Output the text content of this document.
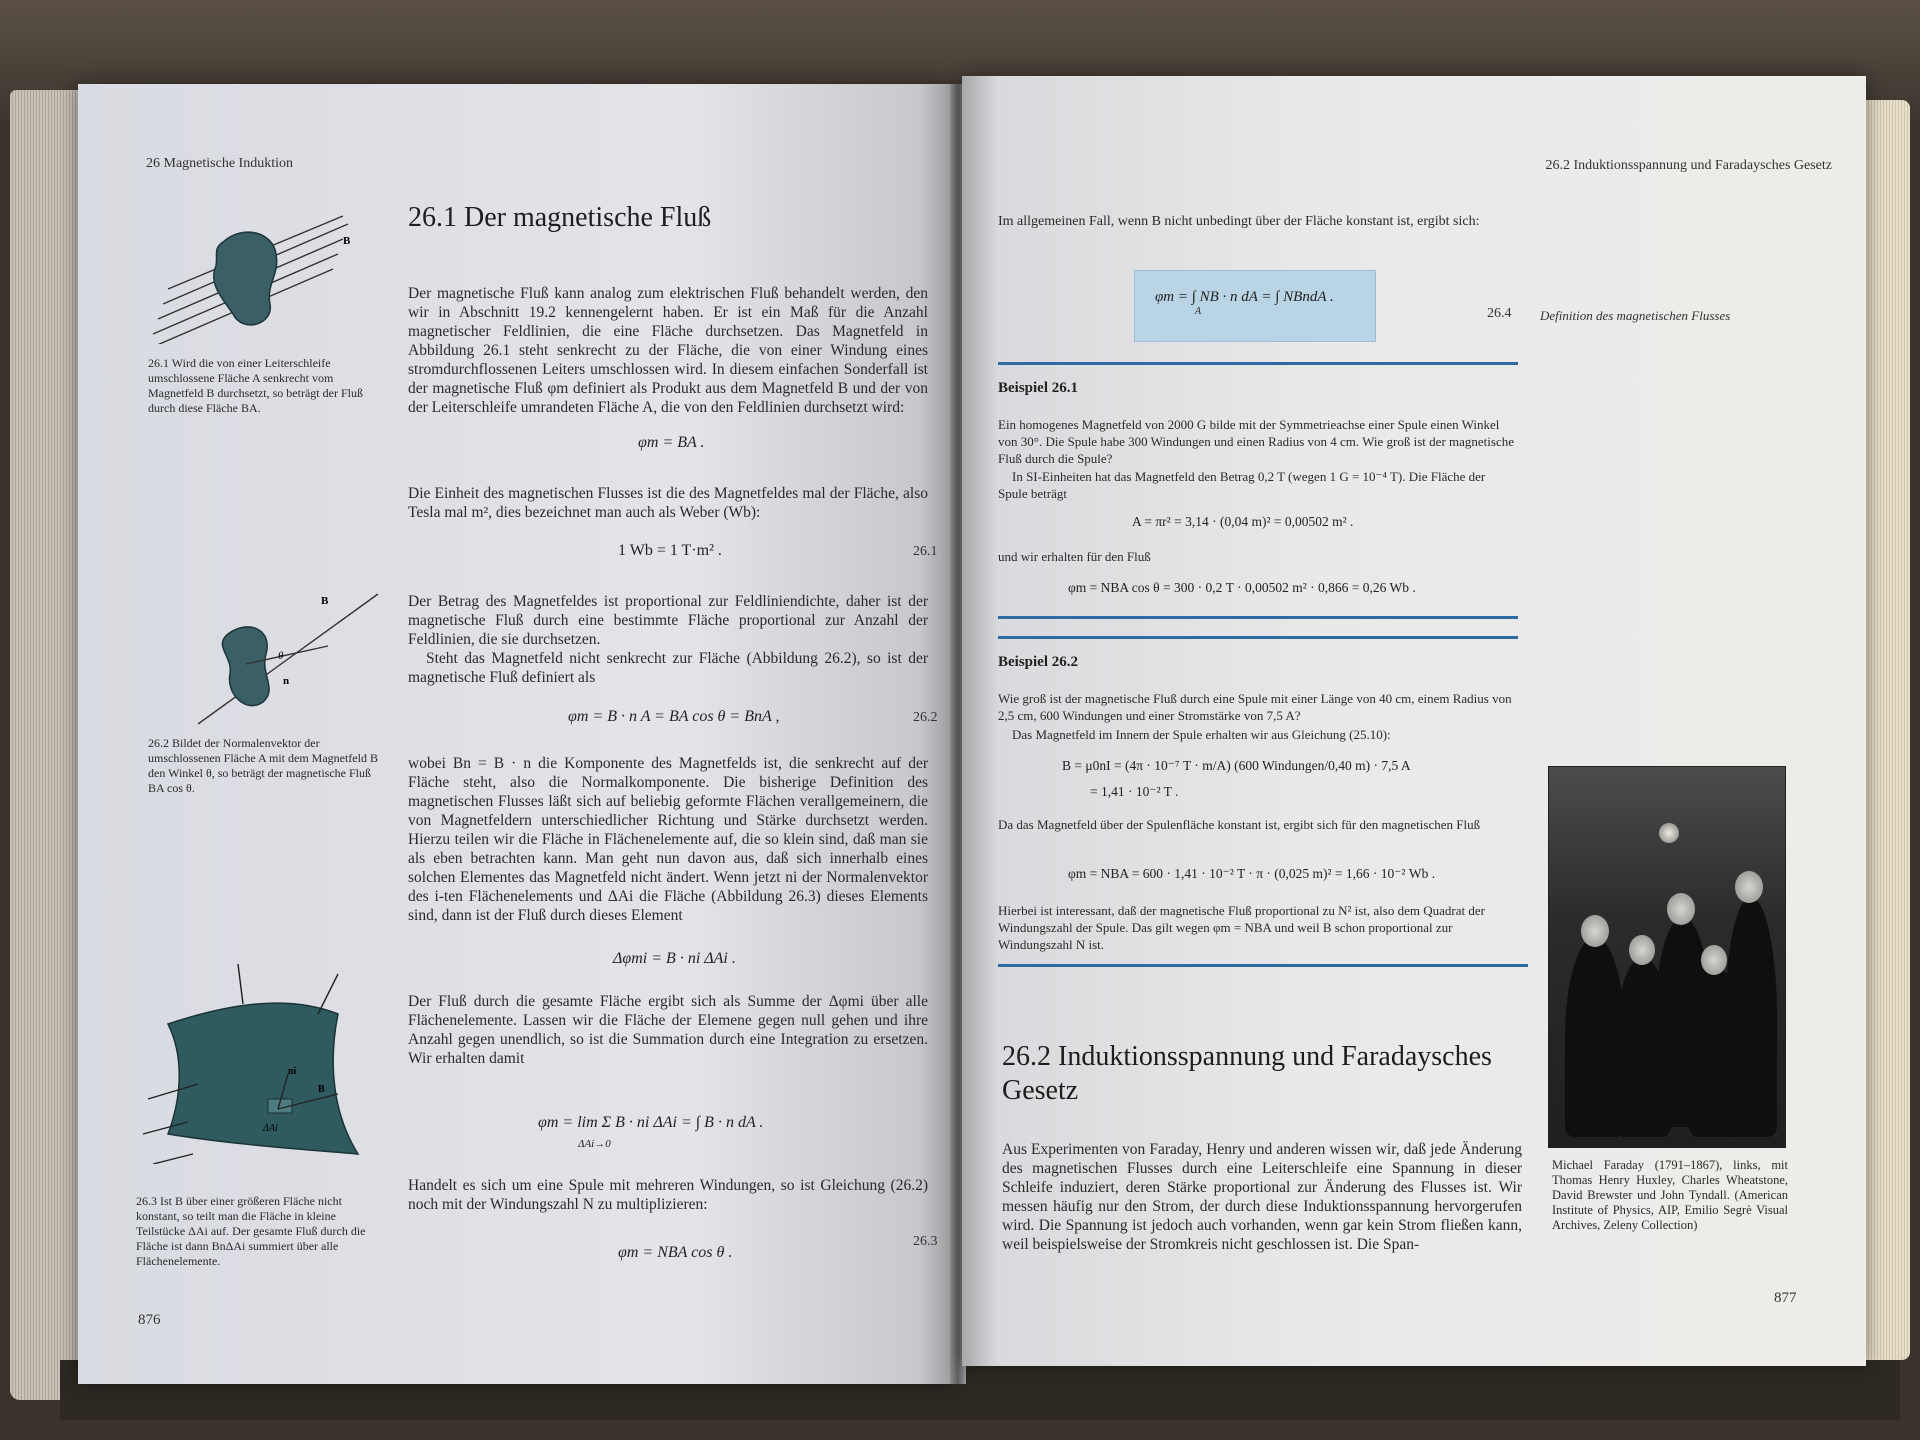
26 Magnetische Induktion
B
26.1 Wird die von einer Leiterschleife umschlossene Fläche A senkrecht vom Magnetfeld B durchsetzt, so beträgt der Fluß durch diese Fläche BA.
B
θ
n
26.2 Bildet der Normalenvektor der umschlossenen Fläche A mit dem Magnetfeld B den Winkel θ, so beträgt der magnetische Fluß BA cos θ.
ni
B
ΔAi
26.3 Ist B über einer größeren Fläche nicht konstant, so teilt man die Fläche in kleine Teilstücke ΔAi auf. Der gesamte Fluß durch die Fläche ist dann BnΔAi summiert über alle Flächenelemente.
26.1 Der magnetische Fluß
Der magnetische Fluß kann analog zum elektrischen Fluß behandelt werden, den wir in Abschnitt 19.2 kennengelernt haben. Er ist ein Maß für die Anzahl magnetischer Feldlinien, die eine Fläche durchsetzen. Das Magnetfeld in Abbildung 26.1 steht senkrecht zu der Fläche, die von einer Windung eines stromdurchflossenen Leiters umschlossen wird. In diesem einfachen Sonderfall ist der magnetische Fluß φm definiert als Produkt aus dem Magnetfeld B und der von der Leiterschleife umrandeten Fläche A, die von den Feldlinien durchsetzt wird:
φm = BA .
Die Einheit des magnetischen Flusses ist die des Magnetfeldes mal der Fläche, also Tesla mal m², dies bezeichnet man auch als Weber (Wb):
1 Wb = 1 T·m² .	26.1
Der Betrag des Magnetfeldes ist proportional zur Feldliniendichte, daher ist der magnetische Fluß durch eine bestimmte Fläche proportional zur Anzahl der Feldlinien, die sie durchsetzen.
Steht das Magnetfeld nicht senkrecht zur Fläche (Abbildung 26.2), so ist der magnetische Fluß definiert als
φm = B · n A = BA cos θ = BnA ,	26.2
wobei Bn = B · n die Komponente des Magnetfelds ist, die senkrecht auf der Fläche steht, also die Normalkomponente. Die bisherige Definition des magnetischen Flusses läßt sich auf beliebig geformte Flächen verallgemeinern, die von Magnetfeldern unterschiedlicher Richtung und Stärke durchsetzt werden. Hierzu teilen wir die Fläche in Flächenelemente auf, die so klein sind, daß man sie als eben betrachten kann. Man geht nun davon aus, daß sich innerhalb eines solchen Elementes das Magnetfeld nicht ändert. Wenn jetzt ni der Normalenvektor des i-ten Flächenelements und ΔAi die Fläche (Abbildung 26.3) dieses Elements sind, dann ist der Fluß durch dieses Element
Δφmi = B · ni ΔAi .
Der Fluß durch die gesamte Fläche ergibt sich als Summe der Δφmi über alle Flächenelemente. Lassen wir die Fläche der Elemene gegen null gehen und ihre Anzahl gegen unendlich, so ist die Summation durch eine Integration zu ersetzen. Wir erhalten damit
φm = lim Σ B · ni ΔAi = ∫ B · n dA .
ΔAi→0
Handelt es sich um eine Spule mit mehreren Windungen, so ist Gleichung (26.2) noch mit der Windungszahl N zu multiplizieren:
φm = NBA cos θ .
26.3
876
26.2 Induktionsspannung und Faradaysches Gesetz
Im allgemeinen Fall, wenn B nicht unbedingt über der Fläche konstant ist, ergibt sich:
φm = ∫ NB · n dA = ∫ NBndA .
A	26.4 Definition des magnetischen Flusses
Beispiel 26.1
Ein homogenes Magnetfeld von 2000 G bilde mit der Symmetrieachse einer Spule einen Winkel von 30°. Die Spule habe 300 Windungen und einen Radius von 4 cm. Wie groß ist der magnetische Fluß durch die Spule?
In SI-Einheiten hat das Magnetfeld den Betrag 0,2 T (wegen 1 G = 10⁻⁴ T). Die Fläche der Spule beträgt
A = πr² = 3,14 · (0,04 m)² = 0,00502 m² .
und wir erhalten für den Fluß
φm = NBA cos θ = 300 · 0,2 T · 0,00502 m² · 0,866 = 0,26 Wb .
Beispiel 26.2
Wie groß ist der magnetische Fluß durch eine Spule mit einer Länge von 40 cm, einem Radius von 2,5 cm, 600 Windungen und einer Stromstärke von 7,5 A?
Das Magnetfeld im Innern der Spule erhalten wir aus Gleichung (25.10):
B = μ0nI = (4π · 10⁻⁷ T · m/A) (600 Windungen/0,40 m) · 7,5 A
= 1,41 · 10⁻² T .
Da das Magnetfeld über der Spulenfläche konstant ist, ergibt sich für den magnetischen Fluß
φm = NBA = 600 · 1,41 · 10⁻² T · π · (0,025 m)² = 1,66 · 10⁻² Wb .
Hierbei ist interessant, daß der magnetische Fluß proportional zu N² ist, also dem Quadrat der Windungszahl der Spule. Das gilt wegen φm = NBA und weil B schon proportional zur Windungszahl N ist.
26.2 Induktionsspannung und Faradaysches Gesetz
Aus Experimenten von Faraday, Henry und anderen wissen wir, daß jede Änderung des magnetischen Flusses durch eine Leiterschleife eine Spannung in dieser Schleife induziert, deren Stärke proportional zur Änderung des Flusses ist. Wir messen häufig nur den Strom, der durch diese Induktionsspannung hervorgerufen wird. Die Spannung ist jedoch auch vorhanden, wenn gar kein Strom fließen kann, weil beispielsweise der Stromkreis nicht geschlossen ist. Die Span-
Michael Faraday (1791–1867), links, mit Thomas Henry Huxley, Charles Wheatstone, David Brewster und John Tyndall. (American Institute of Physics, AIP, Emilio Segrè Visual Archives, Zeleny Collection)
877
